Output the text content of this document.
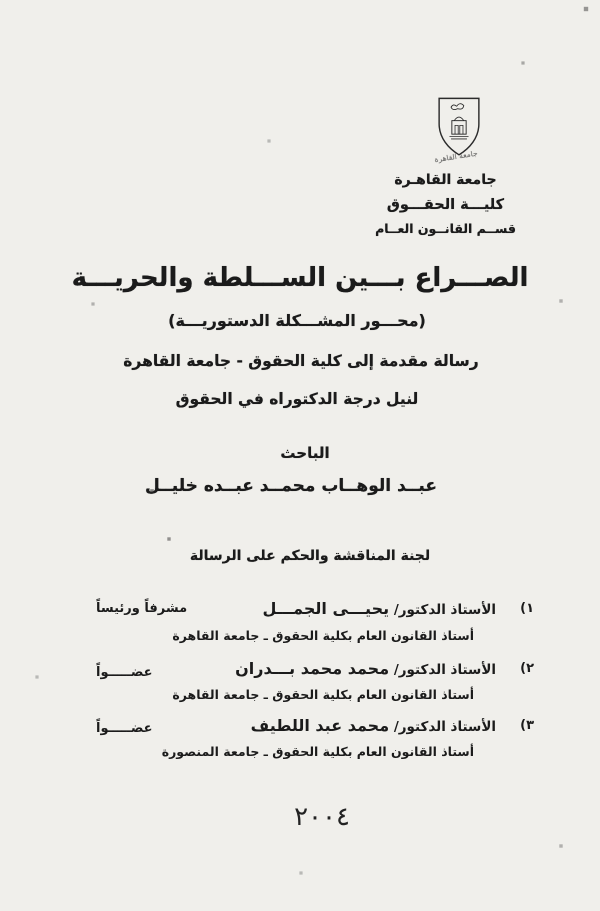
جامعة القاهرة
جامعة القاهـرة
كليـــة الحقـــوق
قســم القانــون العــام
الصـــراع بـــين الســـلطة والحريـــة
(محـــور المشـــكلة الدستوريـــة)
رسالة مقدمة إلى كلية الحقوق - جامعة القاهرة
لنيل درجة الدكتوراه في الحقوق
الباحث
عبــد الوهــاب محمــد عبــده خليــل
لجنة المناقشة والحكم على الرسالة
١)
الأستاذ الدكتور/ يحيـــى الجمـــل
أستاذ القانون العام بكلية الحقوق ـ جامعة القاهرة
مشرفاً ورئيساً
٢)
الأستاذ الدكتور/ محمد محمد بـــدران
أستاذ القانون العام بكلية الحقوق ـ جامعة القاهرة
عضـــــواً
٣)
الأستاذ الدكتور/ محمد عبد اللطيف
أستاذ القانون العام بكلية الحقوق ـ جامعة المنصورة
عضـــــواً
٢٠٠٤
